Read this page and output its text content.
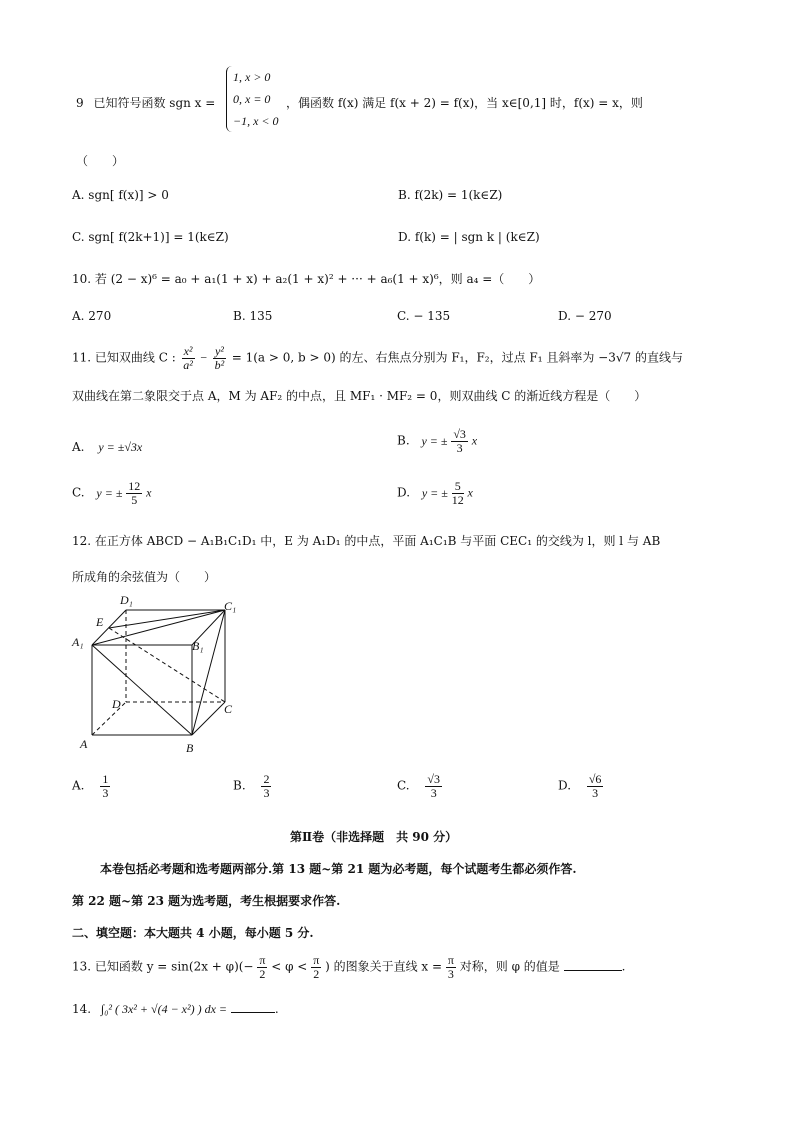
9 已知符号函数 sgn x =
1, x > 0
0, x = 0
−1, x < 0
，偶函数 f(x) 满足 f(x + 2) = f(x)，当 x∈[0,1] 时，f(x) = x，则
（　　）
A. sgn[ f(x)] > 0	B. f(2k) = 1(k∈Z)
C. sgn[ f(2k+1)] = 1(k∈Z)	D. f(k) = | sgn k | (k∈Z)
10. 若 (2 − x)⁶ = a₀ + a₁(1 + x) + a₂(1 + x)² + ··· + a₆(1 + x)⁶，则 a₄ =（　　）
A. 270	B. 135	C. − 135	D. − 270
11. 已知双曲线 C : $\frac{\text{x²}}{\text{a²}} - \frac{\text{y²}}{\text{b²}} = 1(a > 0$, b > 0) 的左、右焦点分别为 F₁，F₂，过点 F₁ 且斜率为 −3√7 的直线与
双曲线在第二象限交于点 A，M 为 AF₂ 的中点，且 MF₁ · MF₂ = 0，则双曲线 C 的渐近线方程是（　　）
A. y = ±√3x	B. y = ± $\frac{√3}{3}$ x
C. y = ± $\frac{12}{5}$ x	D. y = ± $\frac{5}{12}$ x
12. 在正方体 ABCD − A₁B₁C₁D₁ 中，E 为 A₁D₁ 的中点，平面 A₁C₁B 与平面 CEC₁ 的交线为 l，则 l 与 AB
所成角的余弦值为（　　）
D₁	C₁
E
A₁	B₁
D	C
A	B
A. $\frac{1}{3}$	B. $\frac{2}{3}$	C. $\frac{√3}{3}$	D. $\frac{√6}{3}$
第Ⅱ卷（非选择题　共 90 分）
本卷包括必考题和选考题两部分.第 13 题~第 21 题为必考题，每个试题考生都必须作答.
第 22 题~第 23 题为选考题，考生根据要求作答.
二、填空题：本大题共 4 小题，每小题 5 分.
13. 已知函数 $y = \sin(2x + \varphi)(- \frac{\pi}{2} < \varphi < \frac{\pi}{2}$ ) 的图象关于直线 $x = \frac{\pi}{3}$ 对称，则 φ 的值是	.
14. ∫₀² ( 3x² + √(4 − x²) ) dx =	.
